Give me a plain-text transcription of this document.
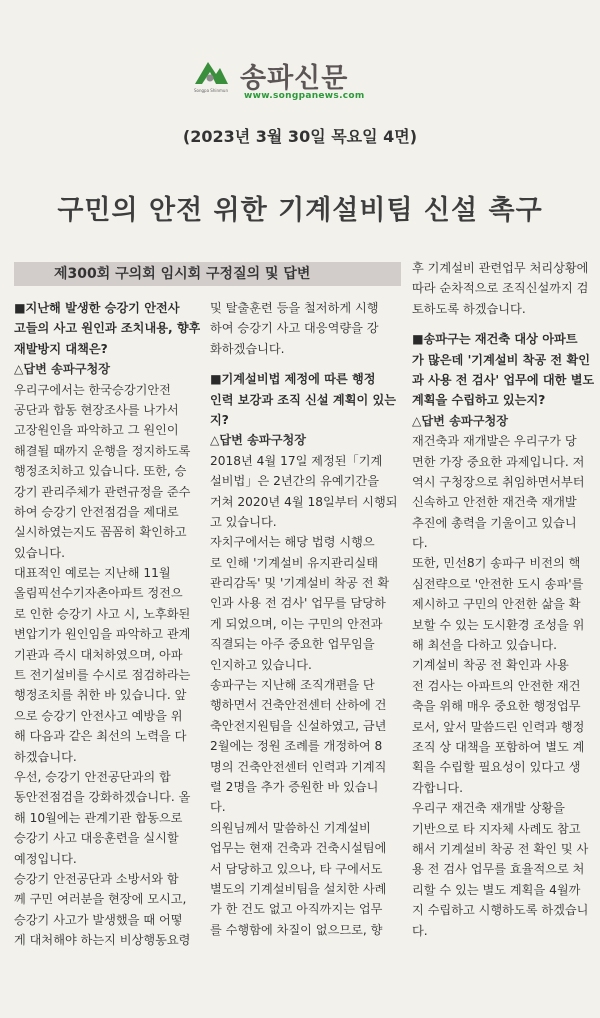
Songpa Shinmun 송파신문
www.songpanews.com
(2023년 3월 30일 목요일 4면)
구민의 안전 위한 기계설비팀 신설 촉구
제300회 구의회 임시회 구정질의 및 답변
■지난해 발생한 승강기 안전사
고들의 사고 원인과 조치내용, 향후
재발방지 대책은?
△답변 송파구청장
우리구에서는 한국승강기안전
공단과 합동 현장조사를 나가서
고장원인을 파악하고 그 원인이
해결될 때까지 운행을 정지하도록
행정조치하고 있습니다. 또한, 승
강기 관리주체가 관련규정을 준수
하여 승강기 안전점검을 제대로
실시하였는지도 꼼꼼히 확인하고
있습니다.
대표적인 예로는 지난해 11월
올림픽선수기자촌아파트 정전으
로 인한 승강기 사고 시, 노후화된
변압기가 원인임을 파악하고 관계
기관과 즉시 대처하였으며, 아파
트 전기설비를 수시로 점검하라는
행정조치를 취한 바 있습니다. 앞
으로 승강기 안전사고 예방을 위
해 다음과 같은 최선의 노력을 다
하겠습니다.
우선, 승강기 안전공단과의 합
동안전점검을 강화하겠습니다. 올
해 10월에는 관계기관 합동으로
승강기 사고 대응훈련을 실시할
예정입니다.
승강기 안전공단과 소방서와 함
께 구민 여러분을 현장에 모시고,
승강기 사고가 발생했을 때 어떻
게 대처해야 하는지 비상행동요령
및 탈출훈련 등을 철저하게 시행
하여 승강기 사고 대응역량을 강
화하겠습니다.
■기계설비법 제정에 따른 행정
인력 보강과 조직 신설 계획이 있는
지?
△답변 송파구청장
2018년 4월 17일 제정된「기계
설비법」은 2년간의 유예기간을
거쳐 2020년 4월 18일부터 시행되
고 있습니다.
자치구에서는 해당 법령 시행으
로 인해 '기계설비 유지관리실태
관리감독' 및 '기계설비 착공 전 확
인과 사용 전 검사' 업무를 담당하
게 되었으며, 이는 구민의 안전과
직결되는 아주 중요한 업무임을
인지하고 있습니다.
송파구는 지난해 조직개편을 단
행하면서 건축안전센터 산하에 건
축안전지원팀을 신설하였고, 금년
2월에는 정원 조례를 개정하여 8
명의 건축안전센터 인력과 기계직
렬 2명을 추가 증원한 바 있습니
다.
의원님께서 말씀하신 기계설비
업무는 현재 건축과 건축시설팀에
서 담당하고 있으나, 타 구에서도
별도의 기계설비팀을 설치한 사례
가 한 건도 없고 아직까지는 업무
를 수행함에 차질이 없으므로, 향
후 기계설비 관련업무 처리상황에
따라 순차적으로 조직신설까지 검
토하도록 하겠습니다.
■송파구는 재건축 대상 아파트
가 많은데 '기계설비 착공 전 확인
과 사용 전 검사' 업무에 대한 별도
계획을 수립하고 있는지?
△답변 송파구청장
재건축과 재개발은 우리구가 당
면한 가장 중요한 과제입니다. 저
역시 구청장으로 취임하면서부터
신속하고 안전한 재건축 재개발
추진에 총력을 기울이고 있습니
다.
또한, 민선8기 송파구 비전의 핵
심전략으로 '안전한 도시 송파'를
제시하고 구민의 안전한 삶을 확
보할 수 있는 도시환경 조성을 위
해 최선을 다하고 있습니다.
기계설비 착공 전 확인과 사용
전 검사는 아파트의 안전한 재건
축을 위해 매우 중요한 행정업무
로서, 앞서 말씀드린 인력과 행정
조직 상 대책을 포함하여 별도 계
획을 수립할 필요성이 있다고 생
각합니다.
우리구 재건축 재개발 상황을
기반으로 타 지자체 사례도 참고
해서 기계설비 착공 전 확인 및 사
용 전 검사 업무를 효율적으로 처
리할 수 있는 별도 계획을 4월까
지 수립하고 시행하도록 하겠습니
다.
